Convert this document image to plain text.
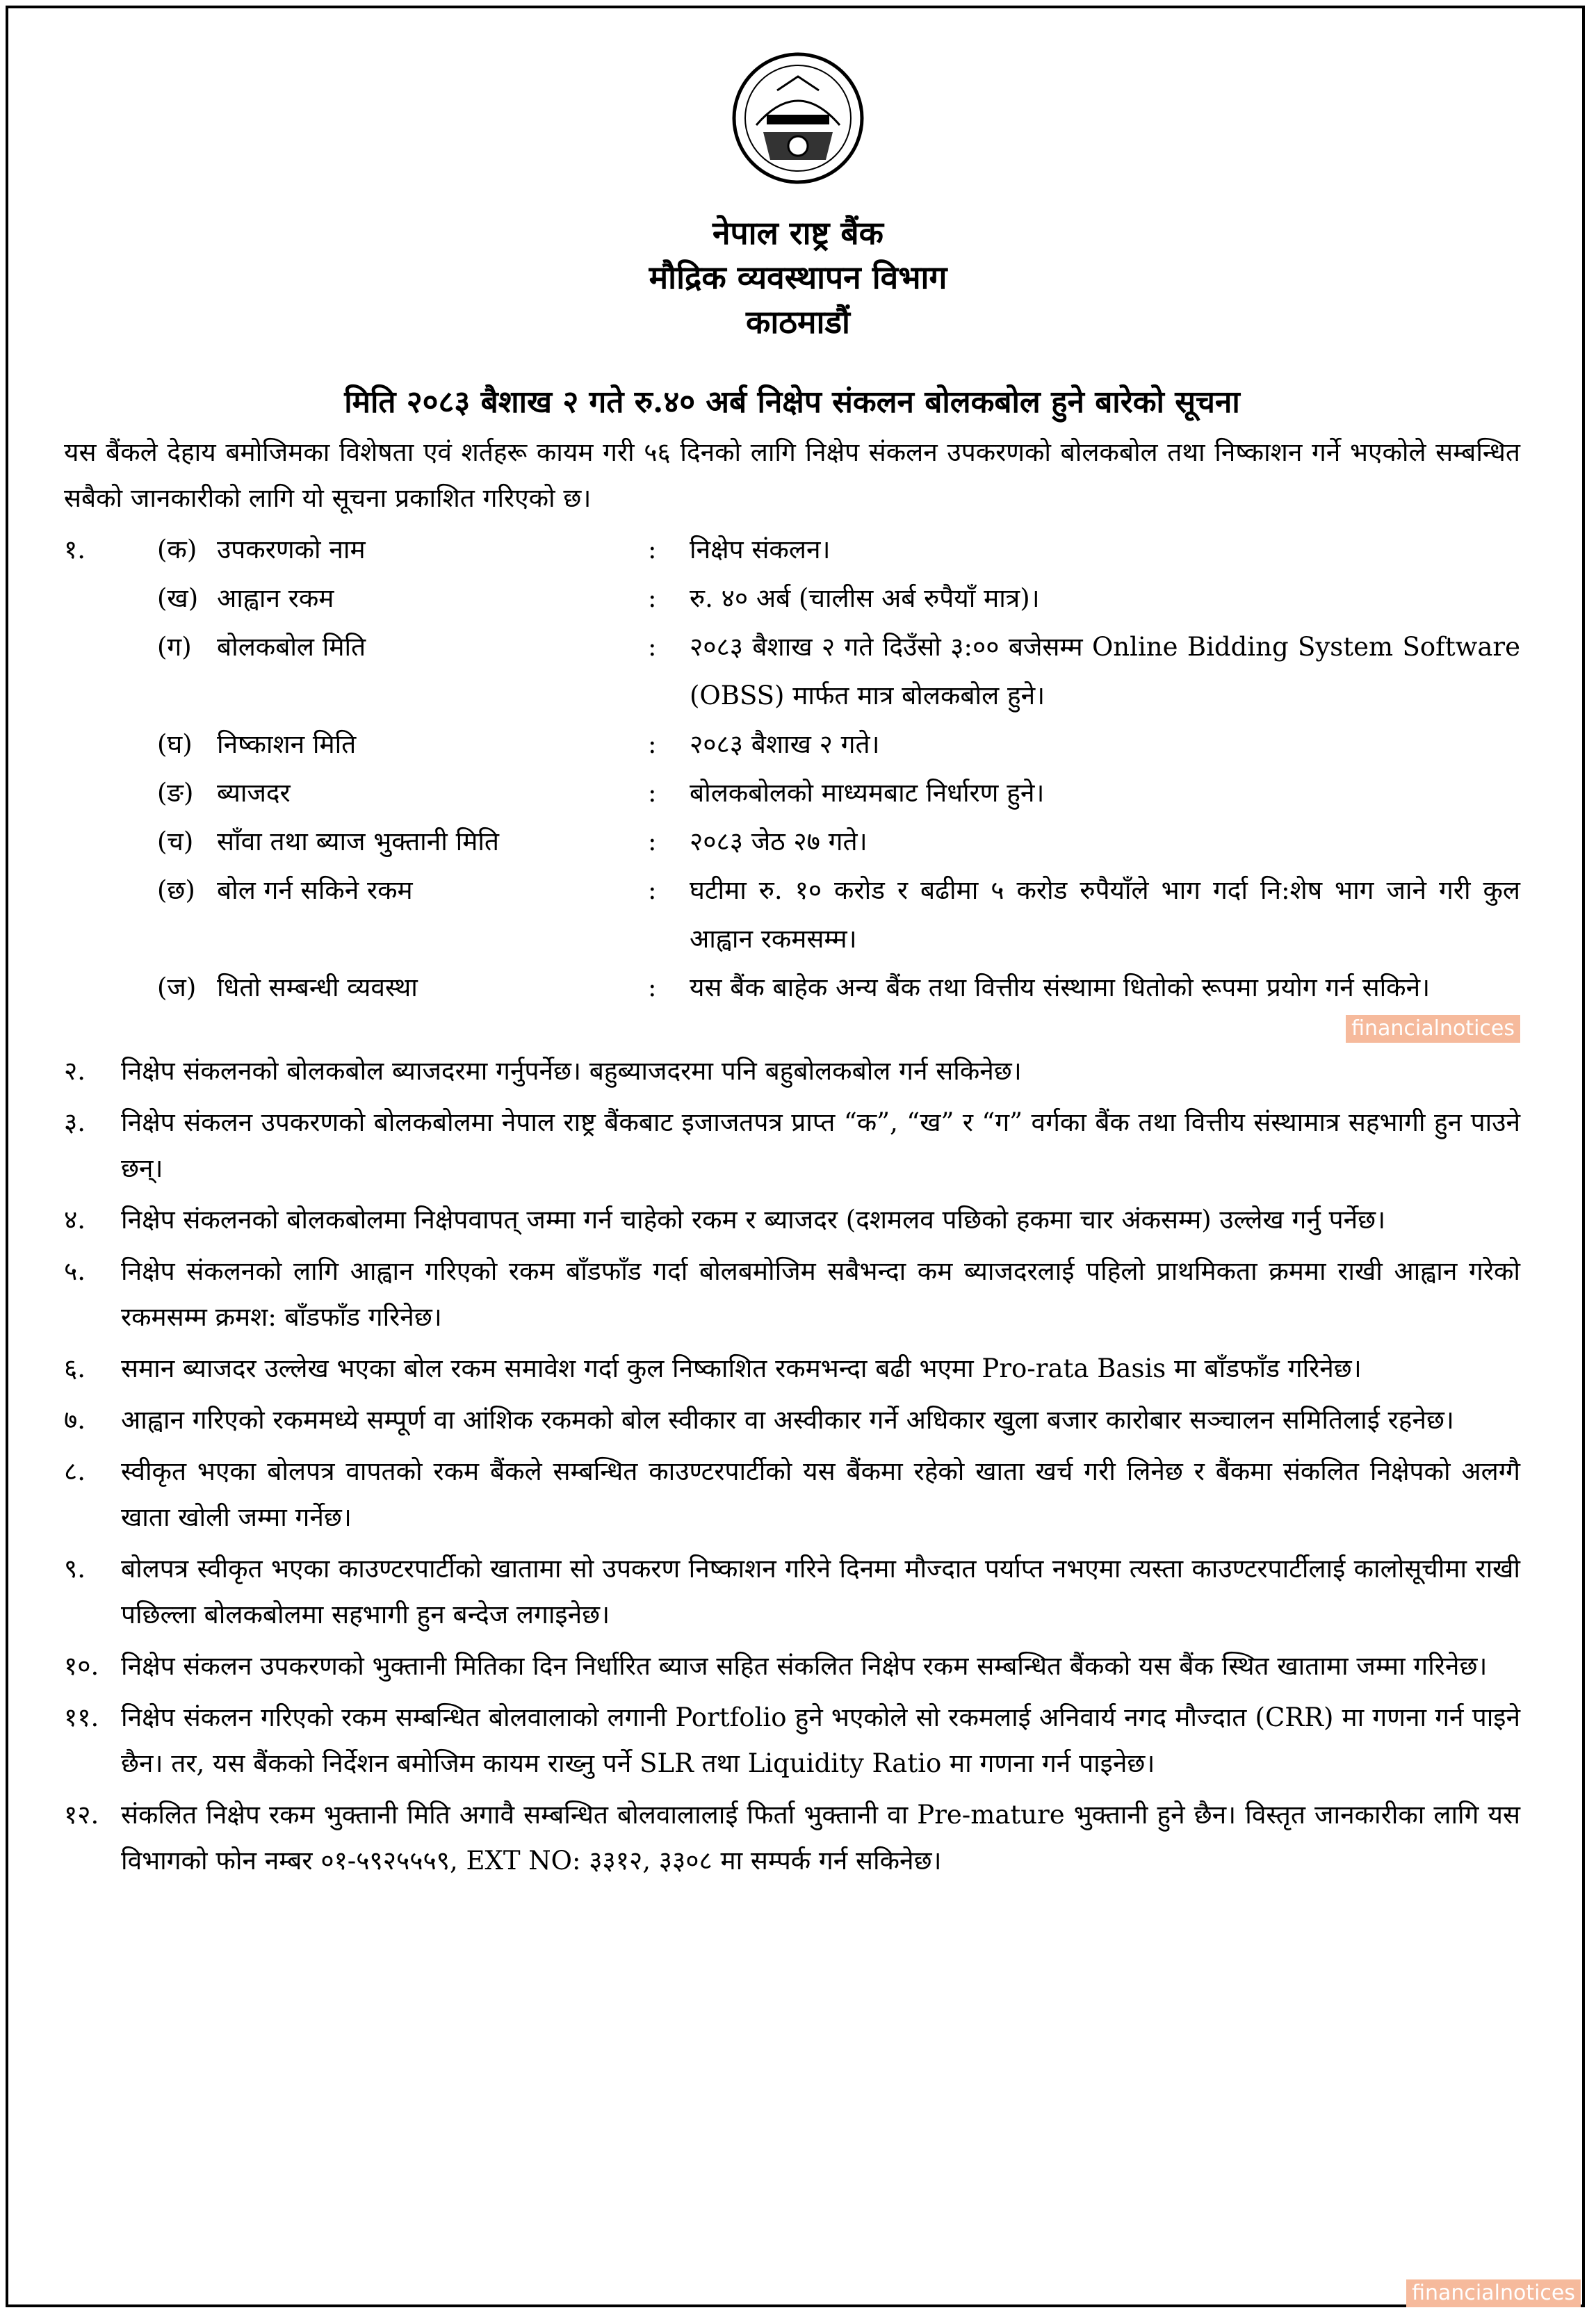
नेपाल राष्ट्र बैंक
मौद्रिक व्यवस्थापन विभाग
काठमाडौं
मिति २०८३ बैशाख २ गते रु.४० अर्ब निक्षेप संकलन बोलकबोल हुने बारेको सूचना
यस बैंकले देहाय बमोजिमका विशेषता एवं शर्तहरू कायम गरी ५६ दिनको लागि निक्षेप संकलन उपकरणको बोलकबोल तथा निष्काशन गर्ने भएकोले सम्बन्धित सबैको जानकारीको लागि यो सूचना प्रकाशित गरिएको छ।
१.	(क) उपकरणको नाम	:	निक्षेप संकलन।
(ख) आह्वान रकम	:	रु. ४० अर्ब (चालीस अर्ब रुपैयाँ मात्र)।
(ग) बोलकबोल मिति	:	२०८३ बैशाख २ गते दिउँसो ३:०० बजेसम्म Online Bidding System Software (OBSS) मार्फत मात्र बोलकबोल हुने।
(घ) निष्काशन मिति	:	२०८३ बैशाख २ गते।
(ङ) ब्याजदर	:	बोलकबोलको माध्यमबाट निर्धारण हुने।
(च) साँवा तथा ब्याज भुक्तानी मिति	:	२०८३ जेठ २७ गते।
(छ) बोल गर्न सकिने रकम	:	घटीमा रु. १० करोड र बढीमा ५ करोड रुपैयाँले भाग गर्दा नि:शेष भाग जाने गरी कुल आह्वान रकमसम्म।
(ज) धितो सम्बन्धी व्यवस्था	:	यस बैंक बाहेक अन्य बैंक तथा वित्तीय संस्थामा धितोको रूपमा प्रयोग गर्न सकिने।
financialnotices
२. निक्षेप संकलनको बोलकबोल ब्याजदरमा गर्नुपर्नेछ। बहुब्याजदरमा पनि बहुबोलकबोल गर्न सकिनेछ।
३. निक्षेप संकलन उपकरणको बोलकबोलमा नेपाल राष्ट्र बैंकबाट इजाजतपत्र प्राप्त “क”, “ख” र “ग” वर्गका बैंक तथा वित्तीय संस्थामात्र सहभागी हुन पाउने छन्।
४. निक्षेप संकलनको बोलकबोलमा निक्षेपवापत् जम्मा गर्न चाहेको रकम र ब्याजदर (दशमलव पछिको हकमा चार अंकसम्म) उल्लेख गर्नु पर्नेछ।
५. निक्षेप संकलनको लागि आह्वान गरिएको रकम बाँडफाँड गर्दा बोलबमोजिम सबैभन्दा कम ब्याजदरलाई पहिलो प्राथमिकता क्रममा राखी आह्वान गरेको रकमसम्म क्रमश: बाँडफाँड गरिनेछ।
६. समान ब्याजदर उल्लेख भएका बोल रकम समावेश गर्दा कुल निष्काशित रकमभन्दा बढी भएमा Pro-rata Basis मा बाँडफाँड गरिनेछ।
७. आह्वान गरिएको रकममध्ये सम्पूर्ण वा आंशिक रकमको बोल स्वीकार वा अस्वीकार गर्ने अधिकार खुला बजार कारोबार सञ्चालन समितिलाई रहनेछ।
८. स्वीकृत भएका बोलपत्र वापतको रकम बैंकले सम्बन्धित काउण्टरपार्टीको यस बैंकमा रहेको खाता खर्च गरी लिनेछ र बैंकमा संकलित निक्षेपको अलग्गै खाता खोली जम्मा गर्नेछ।
९. बोलपत्र स्वीकृत भएका काउण्टरपार्टीको खातामा सो उपकरण निष्काशन गरिने दिनमा मौज्दात पर्याप्त नभएमा त्यस्ता काउण्टरपार्टीलाई कालोसूचीमा राखी पछिल्ला बोलकबोलमा सहभागी हुन बन्देज लगाइनेछ।
१०. निक्षेप संकलन उपकरणको भुक्तानी मितिका दिन निर्धारित ब्याज सहित संकलित निक्षेप रकम सम्बन्धित बैंकको यस बैंक स्थित खातामा जम्मा गरिनेछ।
११. निक्षेप संकलन गरिएको रकम सम्बन्धित बोलवालाको लगानी Portfolio हुने भएकोले सो रकमलाई अनिवार्य नगद मौज्दात (CRR) मा गणना गर्न पाइने छैन। तर, यस बैंकको निर्देशन बमोजिम कायम राख्नु पर्ने SLR तथा Liquidity Ratio मा गणना गर्न पाइनेछ।
१२. संकलित निक्षेप रकम भुक्तानी मिति अगावै सम्बन्धित बोलवालालाई फिर्ता भुक्तानी वा Pre-mature भुक्तानी हुने छैन। विस्तृत जानकारीका लागि यस विभागको फोन नम्बर ०१-५९२५५५९, EXT NO: ३३१२, ३३०८ मा सम्पर्क गर्न सकिनेछ।
financialnotices
